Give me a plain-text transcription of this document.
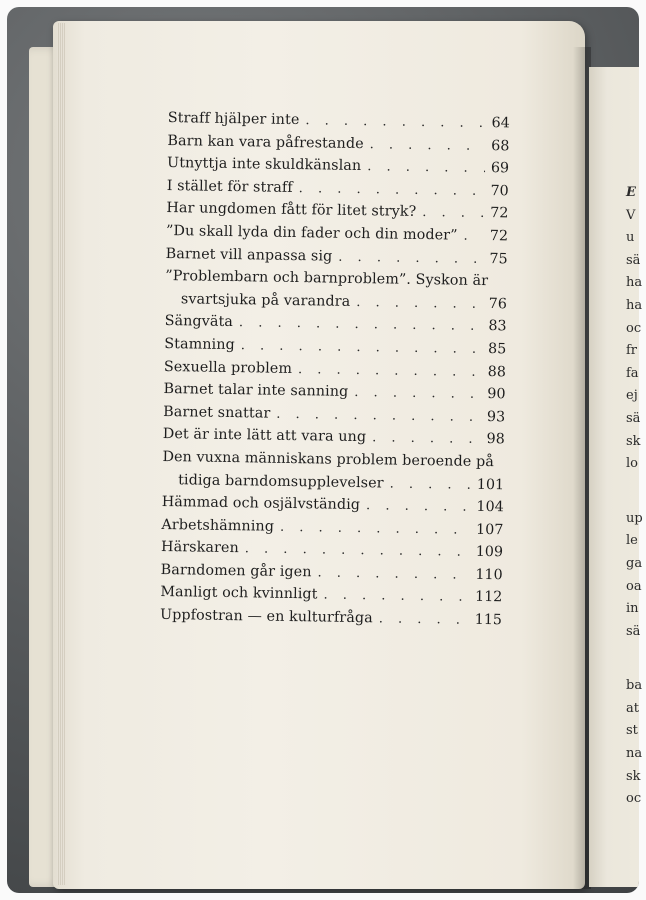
Straff hjälper inte . . .	64
Barn kan vara påfrestande . . .	68
Utnyttja inte skuldkänslan . . .	69
I stället för straff . . .	70
Har ungdomen fått för litet stryk? . . .	72
”Du skall lyda din fader och din moder” . . . 72
Barnet vill anpassa sig . . .	75
”Problembarn och barnproblem”. Syskon är
svartsjuka på varandra . . .	76
Sängväta . . .	83
Stamning . . .	85
Sexuella problem . . .	88
Barnet talar inte sanning . . .	90
Barnet snattar . . .	93
Det är inte lätt att vara ung . . .	98
Den vuxna människans problem beroende på
tidiga barndomsupplevelser . . .	101
Hämmad och osjälvständig . . .	104
Arbetshämning . . .	107
Härskaren . . .	109
Barndomen går igen . . .	110
Manligt och kvinnligt . . .	112
Uppfostran — en kulturfråga . . .	115
E
V
u
sä
ha
ha
oc
fr
fa
ej
sä
sk
lo
up
le
ga
oa
in
sä
ba
at
st
na
sk
oc
